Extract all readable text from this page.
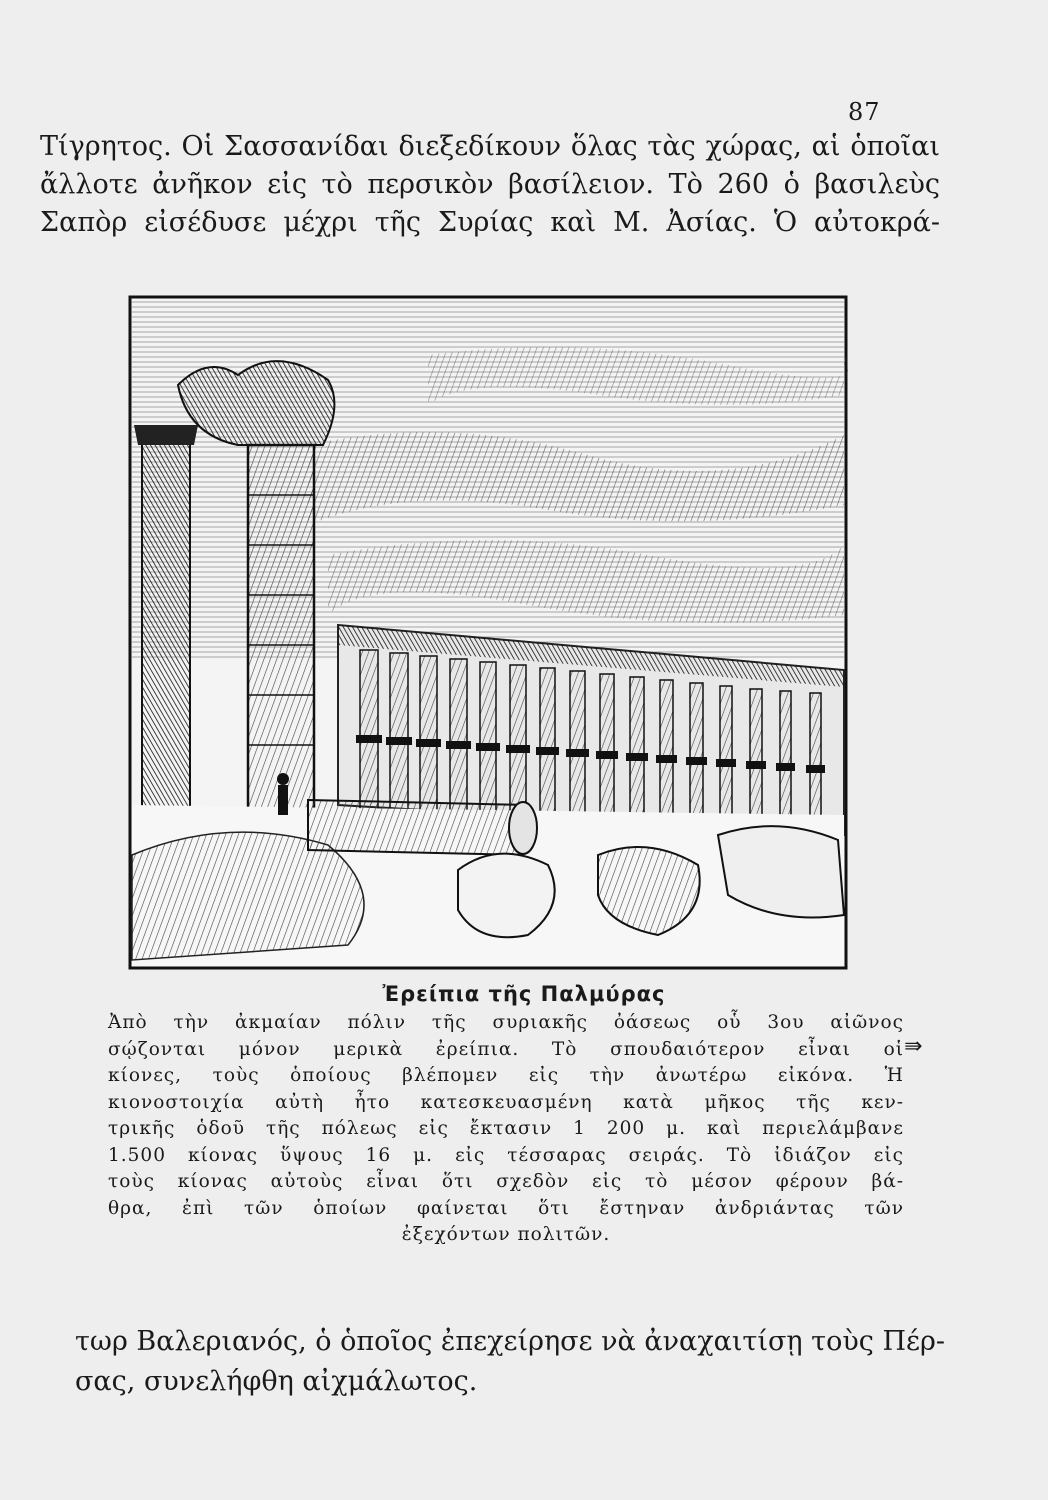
87
Τίγρητος. Οἱ Σασσανίδαι διεξεδίκουν ὅλας τὰς χώρας, αἱ ὁποῖαι
ἄλλοτε ἀνῆκον εἰς τὸ περσικὸν βασίλειον. Τὸ 260 ὁ βασιλεὺς
Σαπὸρ εἰσέδυσε μέχρι τῆς Συρίας καὶ Μ. Ἀσίας. Ὁ αὐτοκρά-
Ἐρείπια τῆς Παλμύρας
Ἀπὸ τὴν ἀκμαίαν πόλιν τῆς συριακῆς ὀάσεως οὗ 3ου αἰῶνος
σῴζονται μόνον μερικὰ ἐρείπια. Τὸ σπουδαιότερον εἶναι οἱ
κίονες, τοὺς ὁποίους βλέπομεν εἰς τὴν ἀνωτέρω εἰκόνα. Ἡ
κιονοστοιχία αὐτὴ ἦτο κατεσκευασμένη κατὰ μῆκος τῆς κεν-
τρικῆς ὁδοῦ τῆς πόλεως εἰς ἔκτασιν 1 200 μ. καὶ περιελάμβανε
1.500 κίονας ὕψους 16 μ. εἰς τέσσαρας σειράς. Τὸ ἰδιάζον εἰς
τοὺς κίονας αὐτοὺς εἶναι ὅτι σχεδὸν εἰς τὸ μέσον φέρουν βά-
θρα, ἐπὶ τῶν ὁποίων φαίνεται ὅτι ἔστηναν ἀνδριάντας τῶν
ἐξεχόντων πολιτῶν.
⇛
τωρ Βαλεριανός, ὁ ὁποῖος ἐπεχείρησε νὰ ἀναχαιτίσῃ τοὺς Πέρ-
σας, συνελήφθη αἰχμάλωτος.
